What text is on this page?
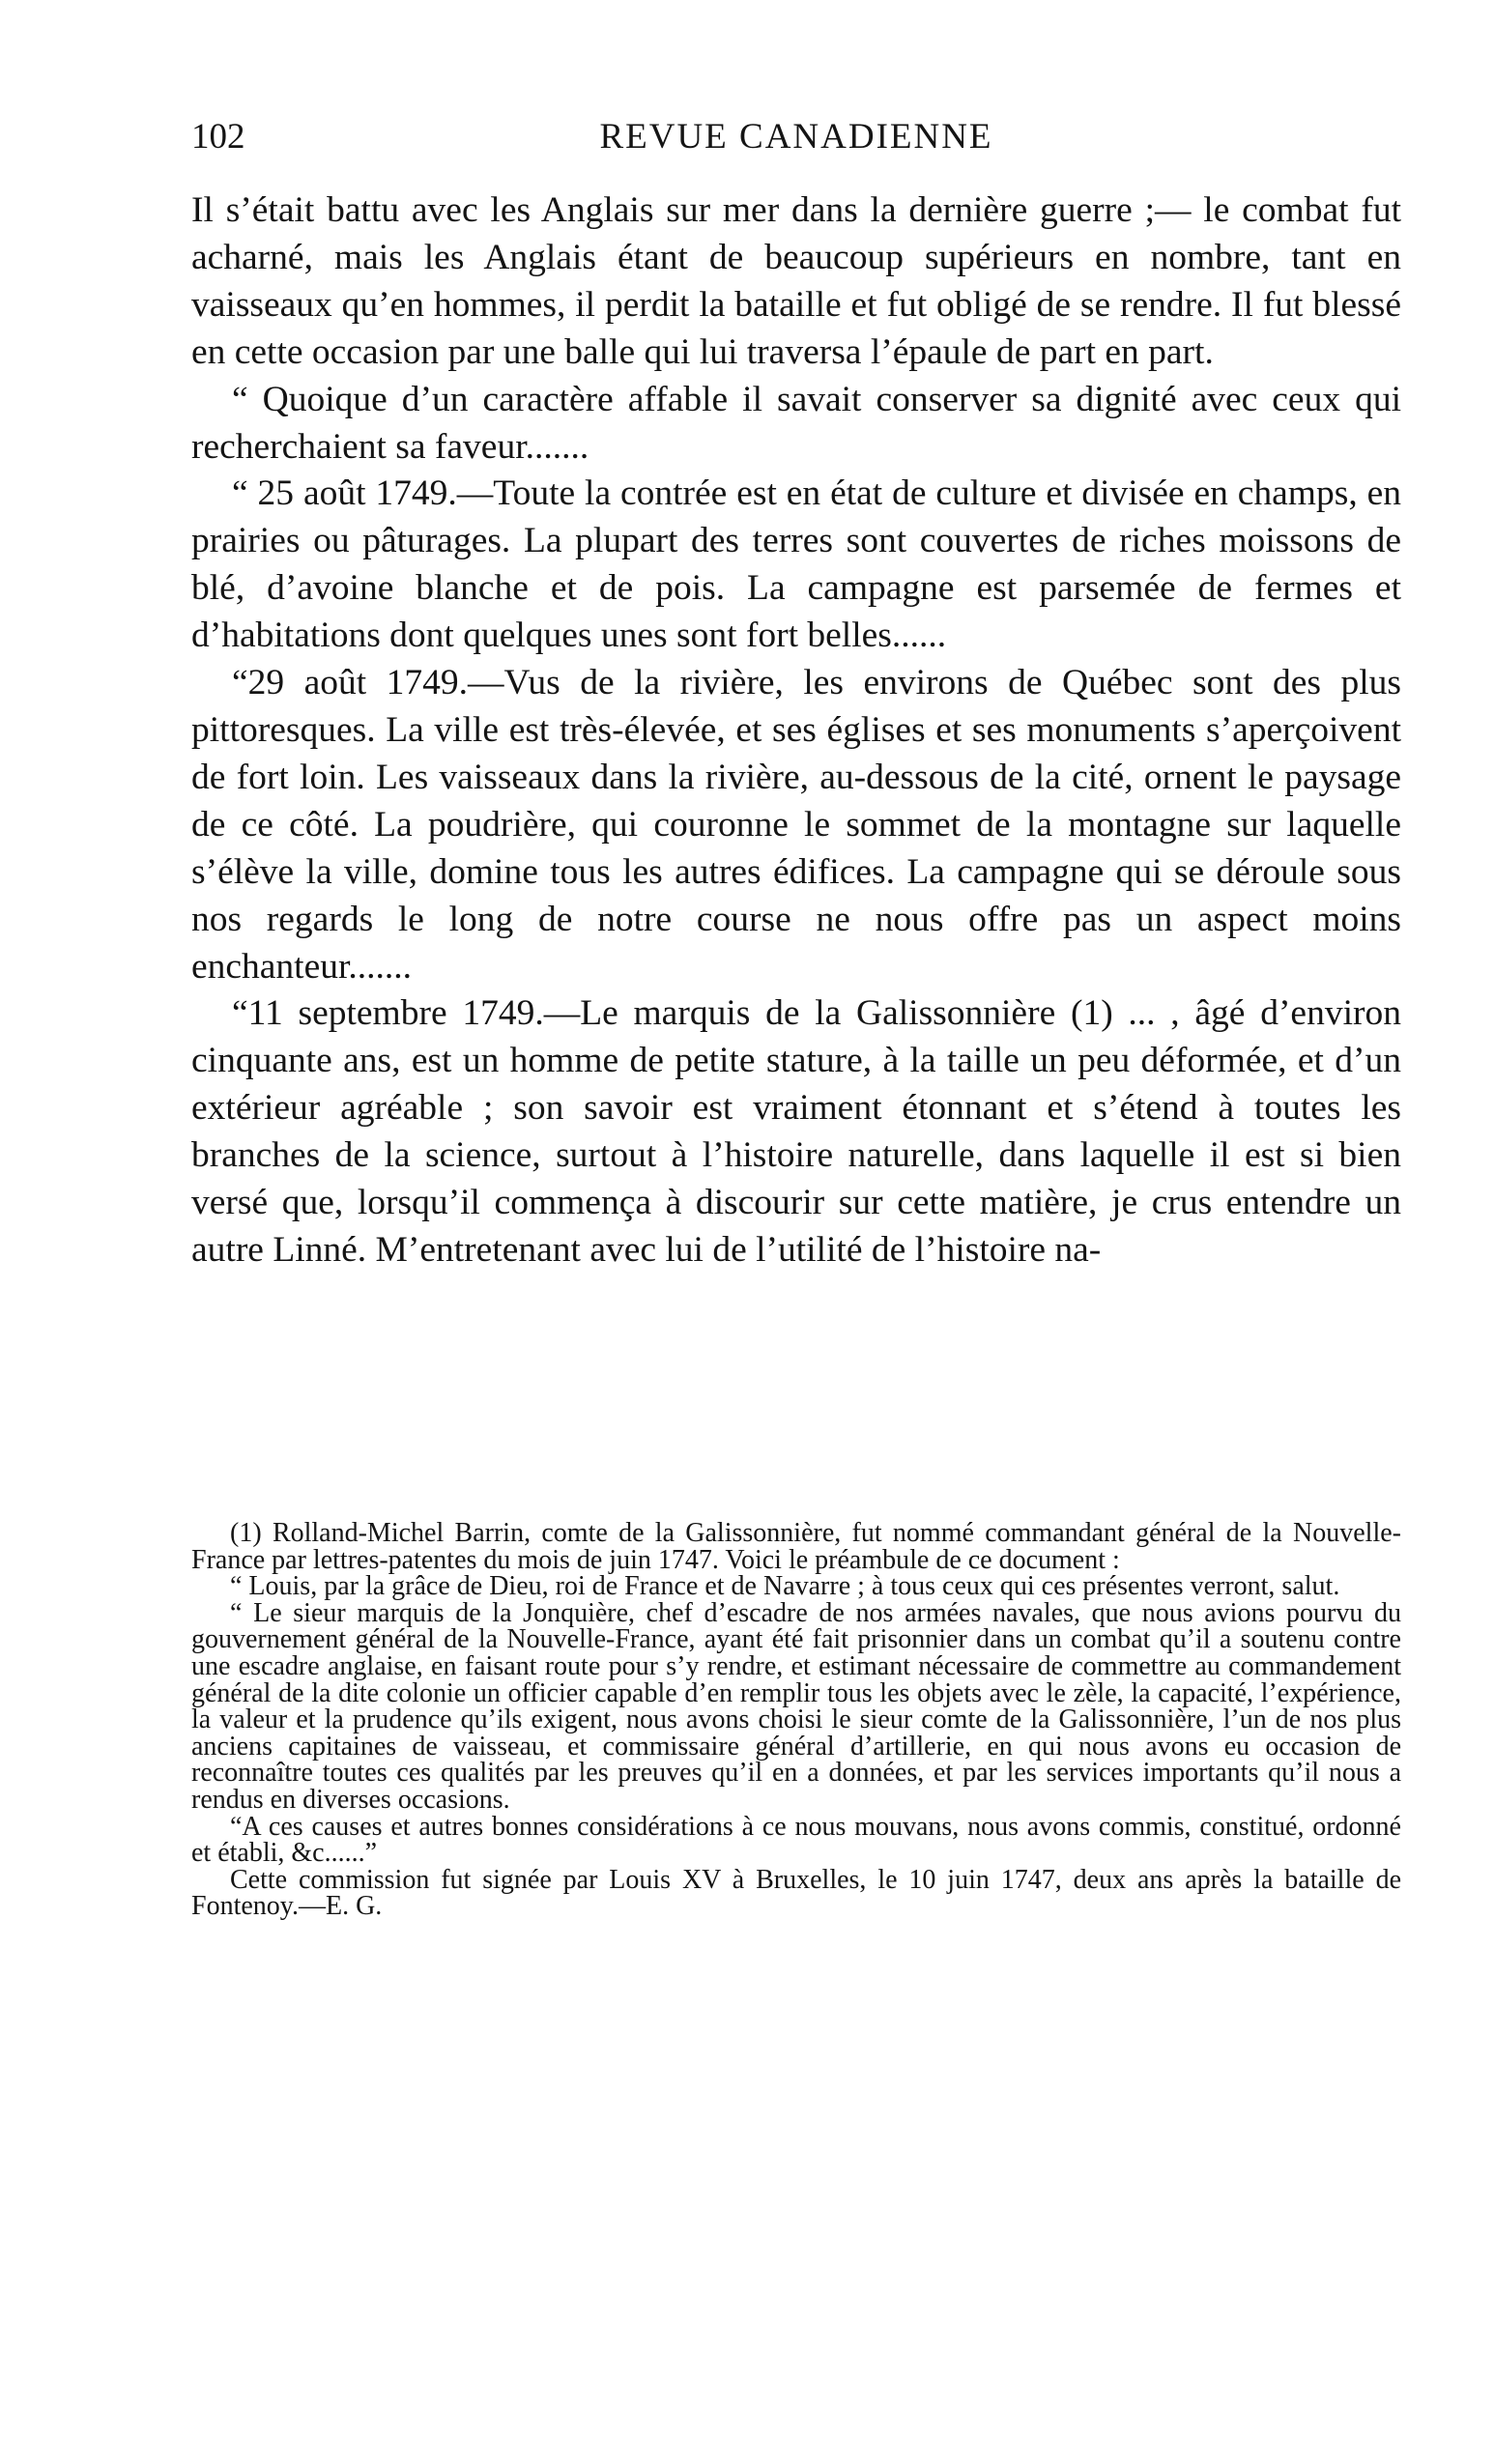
102	REVUE CANADIENNE

Il s’était battu avec les Anglais sur mer dans la dernière guerre ;— le combat fut acharné, mais les Anglais étant de beaucoup supérieurs en nombre, tant en vaisseaux qu’en hommes, il perdit la bataille et fut obligé de se rendre. Il fut blessé en cette occasion par une balle qui lui traversa l’épaule de part en part.

“ Quoique d’un caractère affable il savait conserver sa dignité avec ceux qui recherchaient sa faveur.......

“ 25 août 1749.—Toute la contrée est en état de culture et divisée en champs, en prairies ou pâturages. La plupart des terres sont couvertes de riches moissons de blé, d’avoine blanche et de pois. La campagne est parsemée de fermes et d’habitations dont quelques unes sont fort belles......

“29 août 1749.—Vus de la rivière, les environs de Québec sont des plus pittoresques. La ville est très-élevée, et ses églises et ses monuments s’aperçoivent de fort loin. Les vaisseaux dans la rivière, au-dessous de la cité, ornent le paysage de ce côté. La poudrière, qui couronne le sommet de la montagne sur laquelle s’élève la ville, domine tous les autres édifices. La campagne qui se déroule sous nos regards le long de notre course ne nous offre pas un aspect moins enchanteur.......

“11 septembre 1749.—Le marquis de la Galissonnière (1) ... , âgé d’environ cinquante ans, est un homme de petite stature, à la taille un peu déformée, et d’un extérieur agréable ; son savoir est vraiment étonnant et s’étend à toutes les branches de la science, surtout à l’histoire naturelle, dans laquelle il est si bien versé que, lorsqu’il commença à discourir sur cette matière, je crus entendre un autre Linné. M’entretenant avec lui de l’utilité de l’histoire na-

(1) Rolland-Michel Barrin, comte de la Galissonnière, fut nommé commandant général de la Nouvelle-France par lettres-patentes du mois de juin 1747. Voici le préambule de ce document :

“ Louis, par la grâce de Dieu, roi de France et de Navarre ; à tous ceux qui ces présentes verront, salut.

“ Le sieur marquis de la Jonquière, chef d’escadre de nos armées navales, que nous avions pourvu du gouvernement général de la Nouvelle-France, ayant été fait prisonnier dans un combat qu’il a soutenu contre une escadre anglaise, en faisant route pour s’y rendre, et estimant nécessaire de commettre au commandement général de la dite colonie un officier capable d’en remplir tous les objets avec le zèle, la capacité, l’expérience, la valeur et la prudence qu’ils exigent, nous avons choisi le sieur comte de la Galissonnière, l’un de nos plus anciens capitaines de vaisseau, et commissaire général d’artillerie, en qui nous avons eu occasion de reconnaître toutes ces qualités par les preuves qu’il en a données, et par les services importants qu’il nous a rendus en diverses occasions.

“A ces causes et autres bonnes considérations à ce nous mouvans, nous avons commis, constitué, ordonné et établi, &c......”

Cette commission fut signée par Louis XV à Bruxelles, le 10 juin 1747, deux ans après la bataille de Fontenoy.—E. G.
